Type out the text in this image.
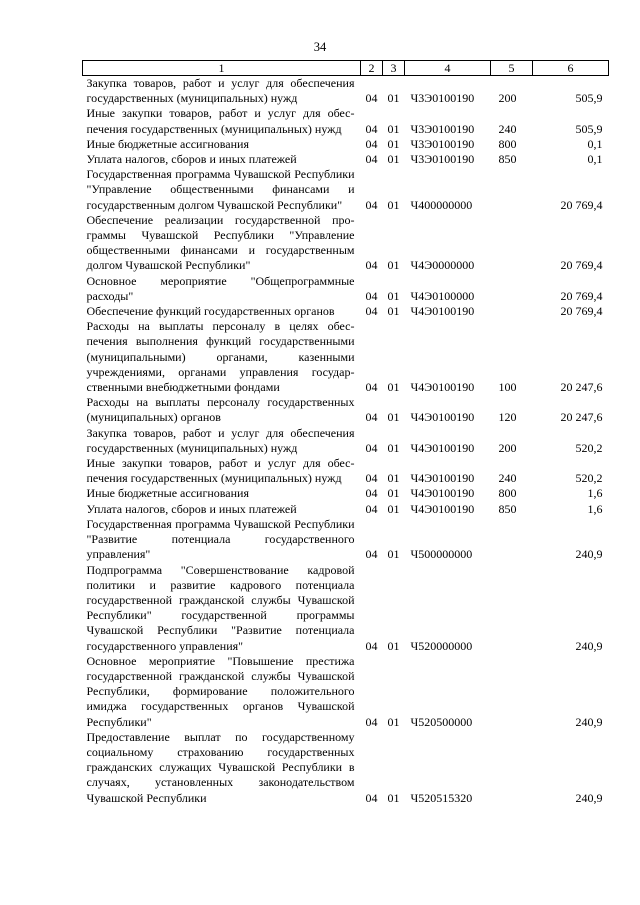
34
1	2	3	4	5	6
Закупка товаров, работ и услуг для обеспечения государственных (муниципальных) нужд	04	01	Ч3Э0100190	200	505,9
Иные закупки товаров, работ и услуг для обеспечения государственных (муниципальных) нужд	04	01	Ч3Э0100190	240	505,9
Иные бюджетные ассигнования	04	01	Ч3Э0100190	800	0,1
Уплата налогов, сборов и иных платежей	04	01	Ч3Э0100190	850	0,1
Государственная программа Чувашской Республики "Управление общественными финансами и государственным долгом Чувашской Республики"	04	01	Ч400000000		20 769,4
Обеспечение реализации государственной программы Чувашской Республики "Управление общественными финансами и государственным долгом Чувашской Республики"	04	01	Ч4Э0000000		20 769,4
Основное мероприятие "Общепрограммные расходы"	04	01	Ч4Э0100000		20 769,4
Обеспечение функций государственных органов	04	01	Ч4Э0100190		20 769,4
Расходы на выплаты персоналу в целях обеспечения выполнения функций государственными (муниципальными) органами, казенными учреждениями, органами управления государственными внебюджетными фондами	04	01	Ч4Э0100190	100	20 247,6
Расходы на выплаты персоналу государственных (муниципальных) органов	04	01	Ч4Э0100190	120	20 247,6
Закупка товаров, работ и услуг для обеспечения государственных (муниципальных) нужд	04	01	Ч4Э0100190	200	520,2
Иные закупки товаров, работ и услуг для обеспечения государственных (муниципальных) нужд	04	01	Ч4Э0100190	240	520,2
Иные бюджетные ассигнования	04	01	Ч4Э0100190	800	1,6
Уплата налогов, сборов и иных платежей	04	01	Ч4Э0100190	850	1,6
Государственная программа Чувашской Республики "Развитие потенциала государственного управления"	04	01	Ч500000000		240,9
Подпрограмма "Совершенствование кадровой политики и развитие кадрового потенциала государственной гражданской службы Чувашской Республики" государственной программы Чувашской Республики "Развитие потенциала государственного управления"	04	01	Ч520000000		240,9
Основное мероприятие "Повышение престижа государственной гражданской службы Чувашской Республики, формирование положительного имиджа государственных органов Чувашской Республики"	04	01	Ч520500000		240,9
Предоставление выплат по государственному социальному страхованию государственных гражданских служащих Чувашской Республики в случаях, установленных законодательством Чувашской Республики	04	01	Ч520515320		240,9
